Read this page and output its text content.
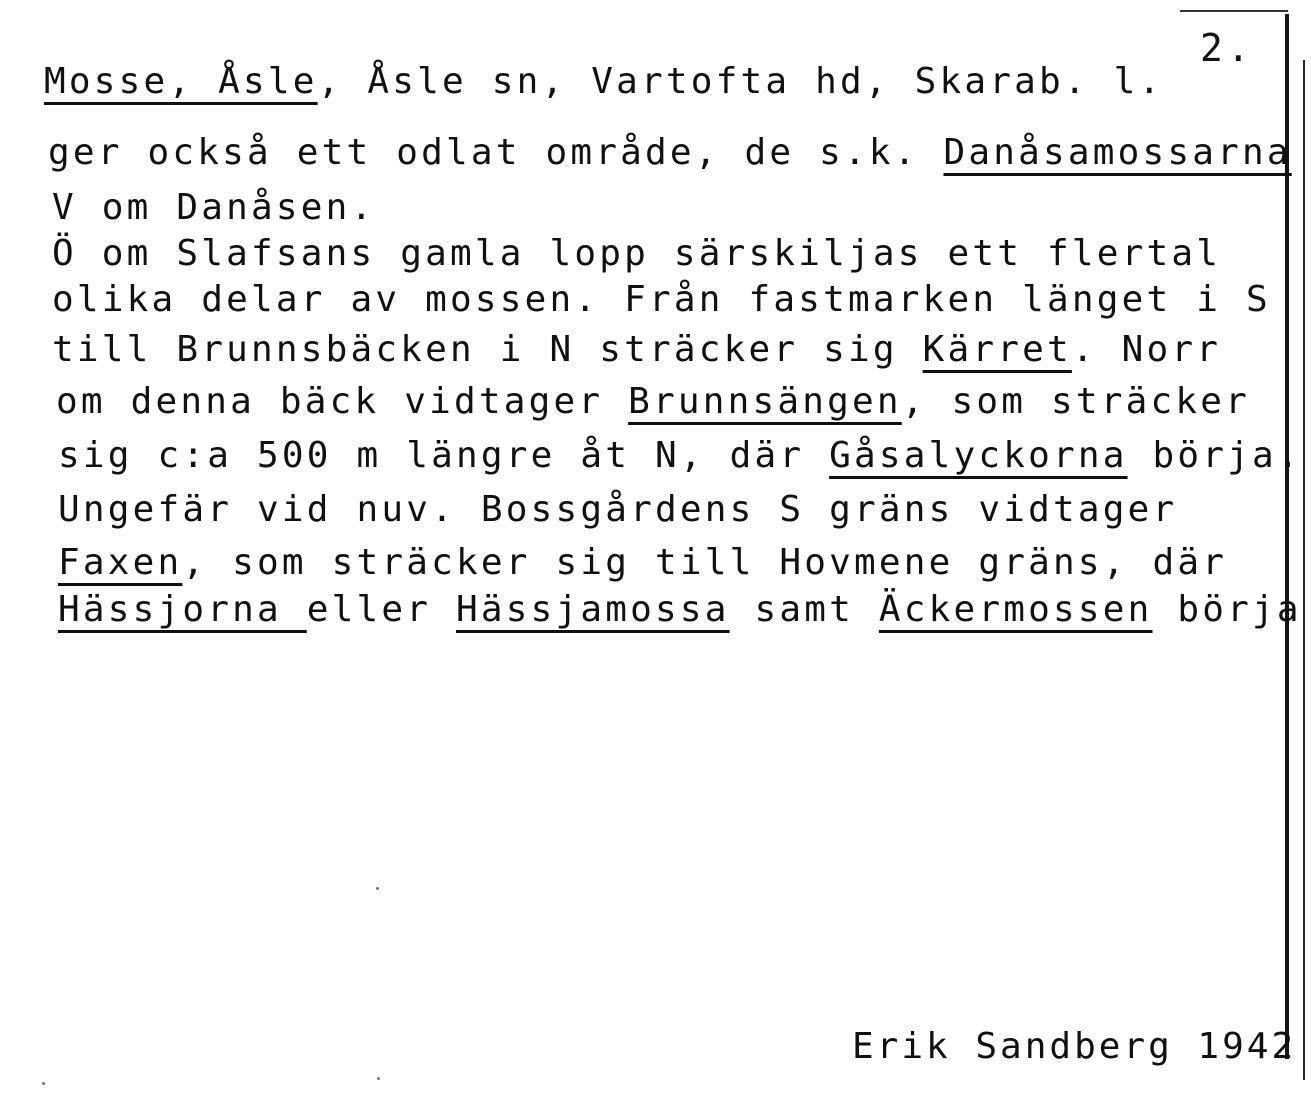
2.
Mosse, Åsle, Åsle sn, Vartofta hd, Skarab. l.
ger också ett odlat område, de s.k. Danåsamossarna
V om Danåsen.
Ö om Slafsans gamla lopp särskiljas ett flertal
olika delar av mossen. Från fastmarken länget i S
till Brunnsbäcken i N sträcker sig Kärret. Norr
om denna bäck vidtager Brunnsängen, som sträcker
sig c:a 500 m längre åt N, där Gåsalyckorna börja.
Ungefär vid nuv. Bossgårdens S gräns vidtager
Faxen, som sträcker sig till Hovmene gräns, där
Hässjorna eller Hässjamossa samt Äckermossen börja
Erik Sandberg 1942
